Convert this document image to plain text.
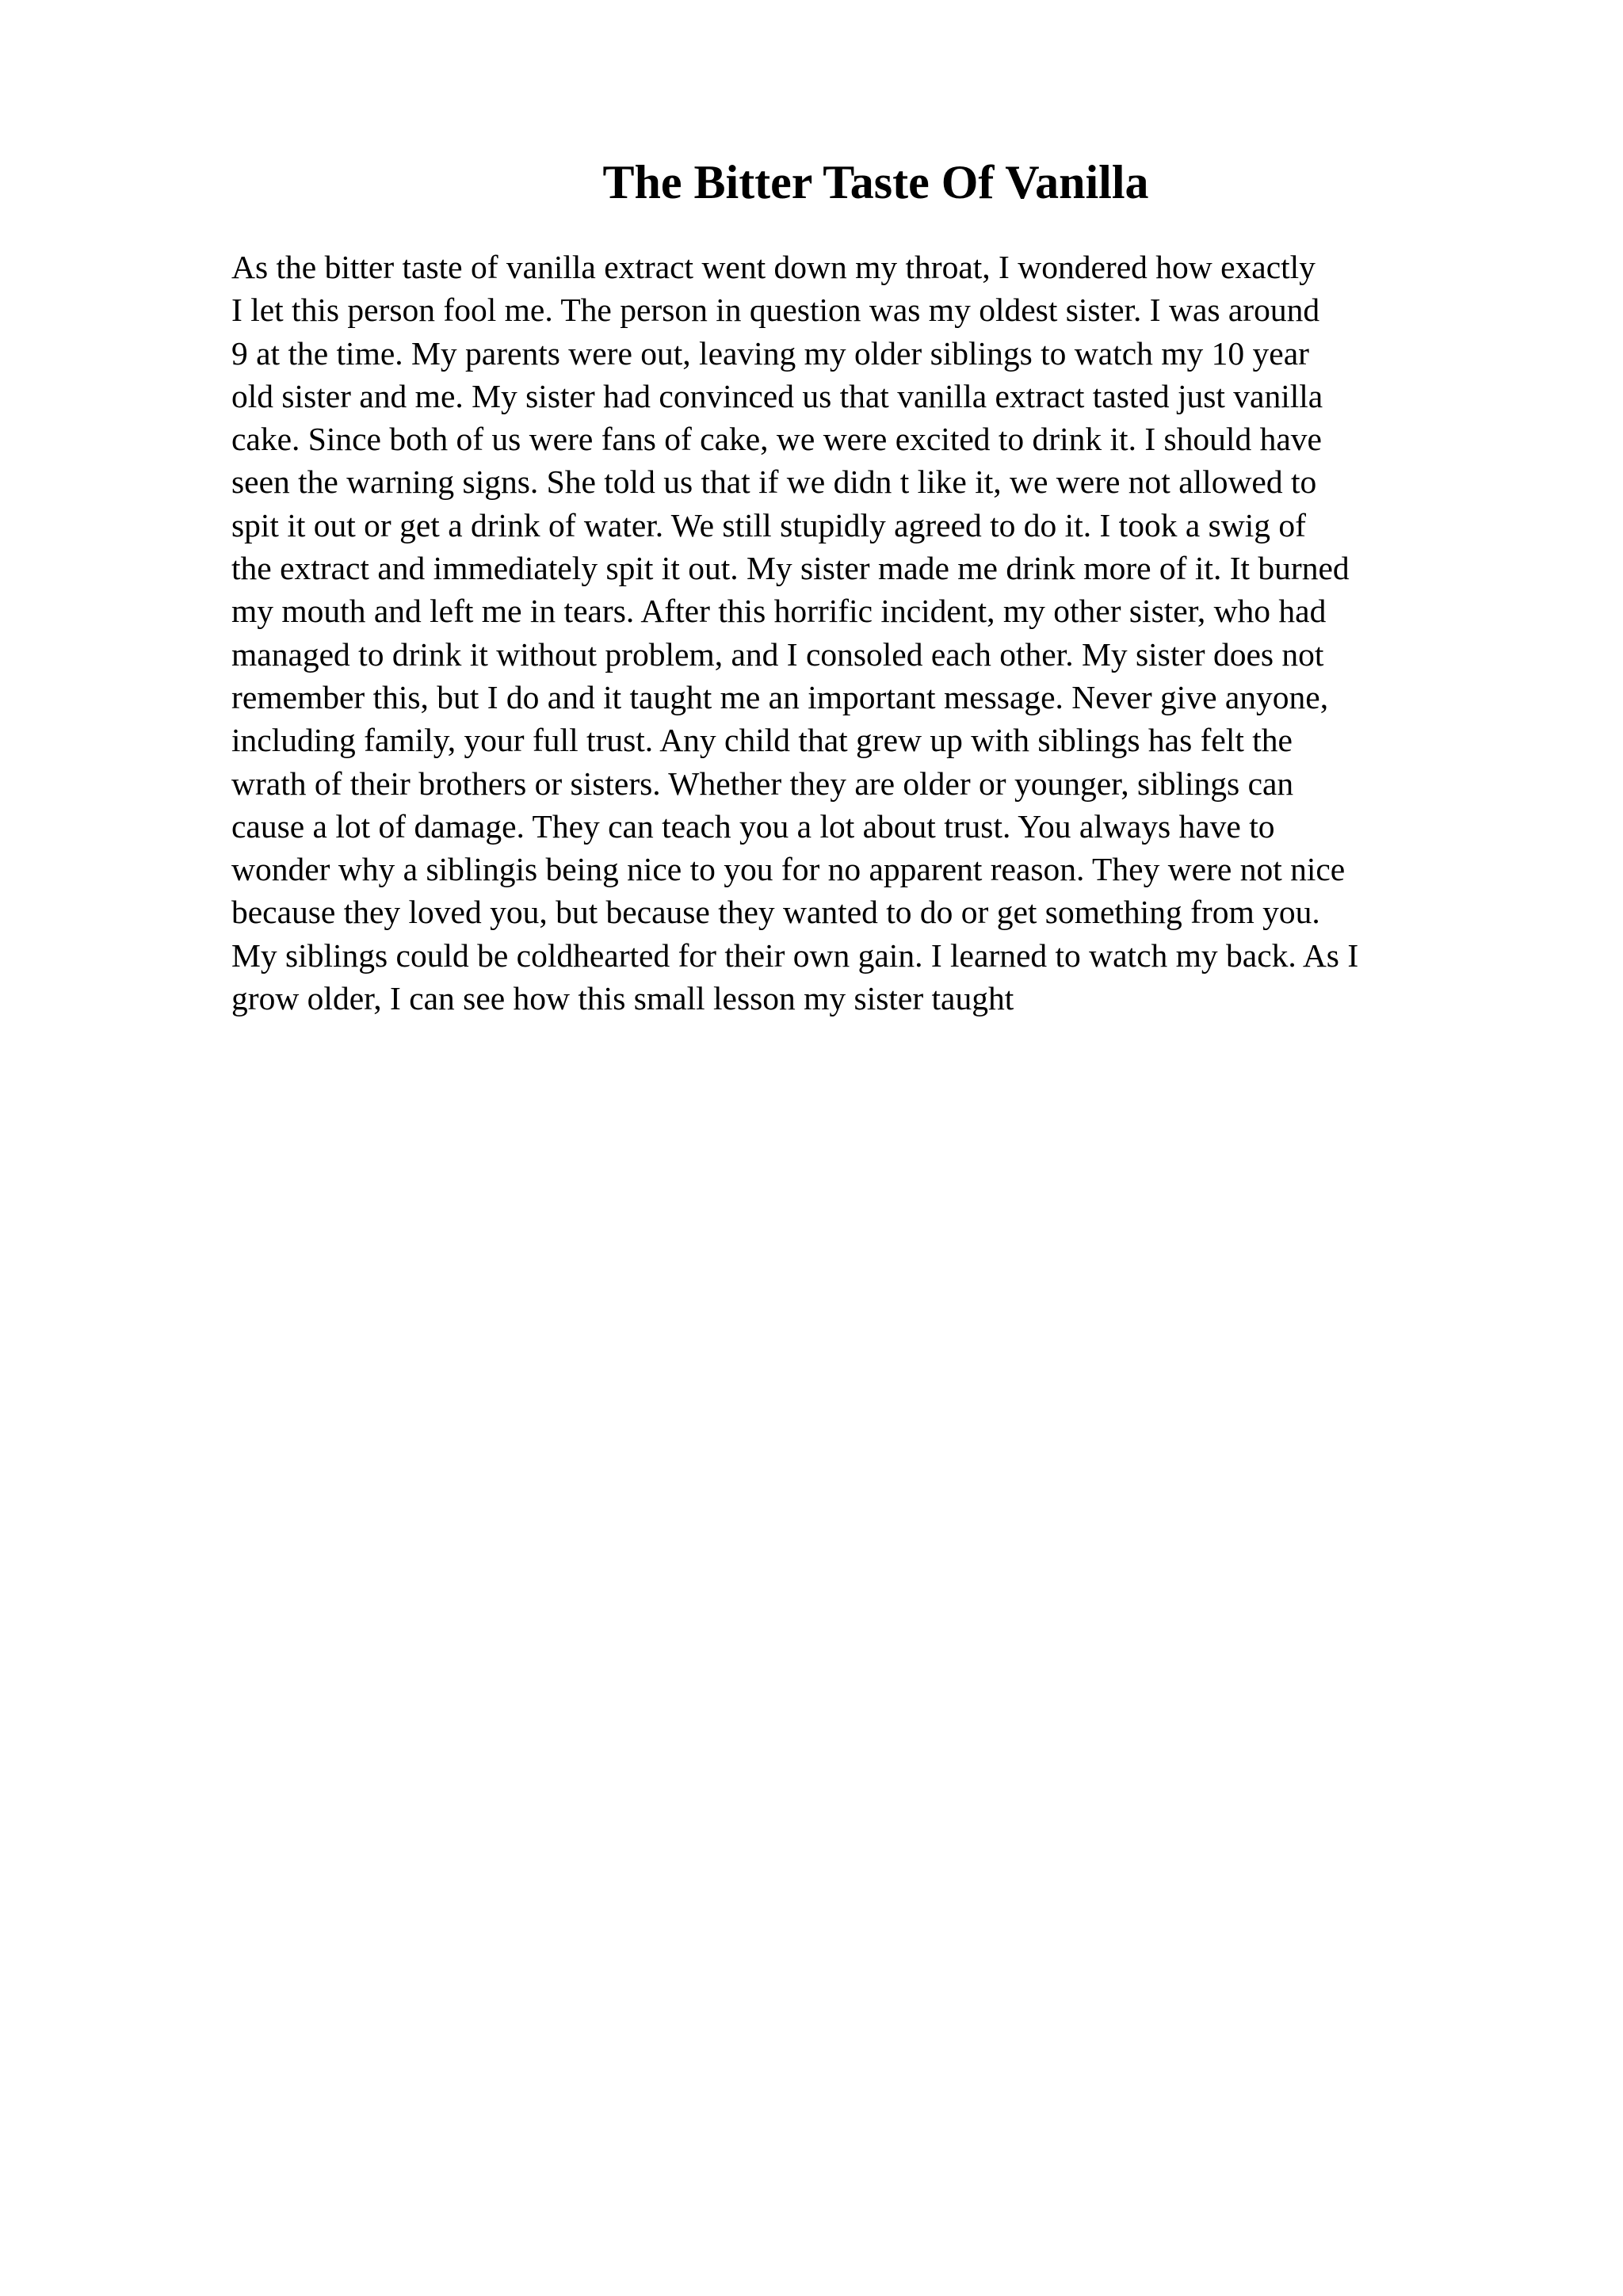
The Bitter Taste Of Vanilla
As the bitter taste of vanilla extract went down my throat, I wondered how exactly
I let this person fool me. The person in question was my oldest sister. I was around
9 at the time. My parents were out, leaving my older siblings to watch my 10 year
old sister and me. My sister had convinced us that vanilla extract tasted just vanilla
cake. Since both of us were fans of cake, we were excited to drink it. I should have
seen the warning signs. She told us that if we didn t like it, we were not allowed to
spit it out or get a drink of water. We still stupidly agreed to do it. I took a swig of
the extract and immediately spit it out. My sister made me drink more of it. It burned
my mouth and left me in tears. After this horrific incident, my other sister, who had
managed to drink it without problem, and I consoled each other. My sister does not
remember this, but I do and it taught me an important message. Never give anyone,
including family, your full trust. Any child that grew up with siblings has felt the
wrath of their brothers or sisters. Whether they are older or younger, siblings can
cause a lot of damage. They can teach you a lot about trust. You always have to
wonder why a siblingis being nice to you for no apparent reason. They were not nice
because they loved you, but because they wanted to do or get something from you.
My siblings could be coldhearted for their own gain. I learned to watch my back. As I
grow older, I can see how this small lesson my sister taught
